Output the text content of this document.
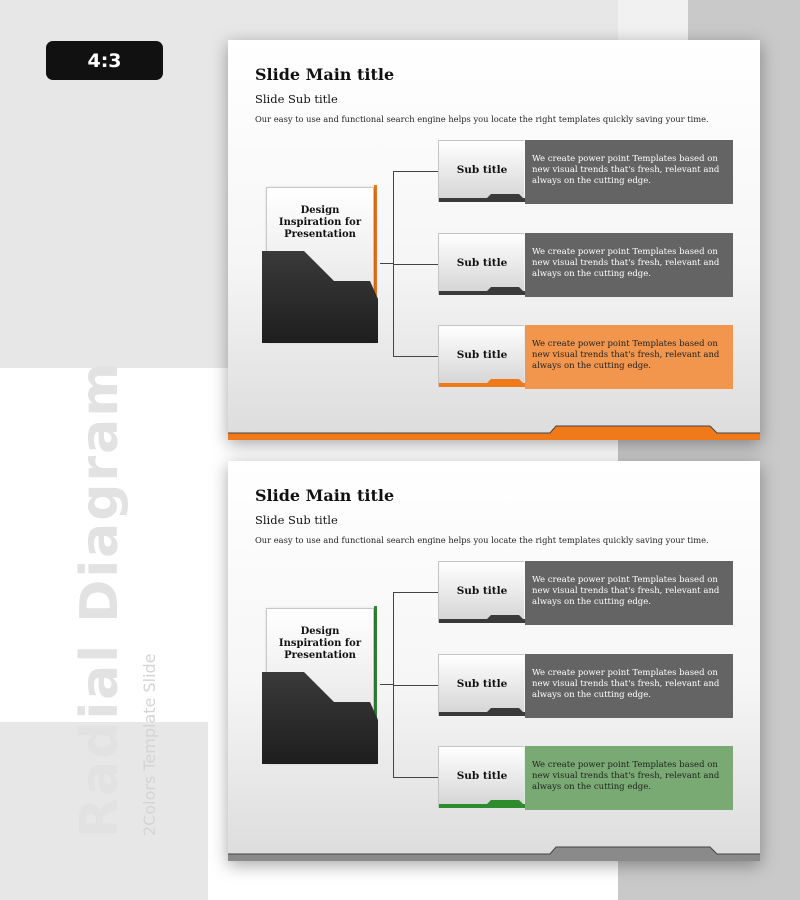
4:3
Radial Diagram 2Colors Template Slide
Slide Main title
Slide Sub title
Our easy to use and functional search engine helps you locate the right templates quickly saving your time.
Design Inspiration for Presentation
Sub title
We create power point Templates based on new visual trends that's fresh, relevant and always on the cutting edge.
Sub title
We create power point Templates based on new visual trends that's fresh, relevant and always on the cutting edge.
Sub title
We create power point Templates based on new visual trends that's fresh, relevant and always on the cutting edge.
Slide Main title
Slide Sub title
Our easy to use and functional search engine helps you locate the right templates quickly saving your time.
Design Inspiration for Presentation
Sub title
We create power point Templates based on new visual trends that's fresh, relevant and always on the cutting edge.
Sub title
We create power point Templates based on new visual trends that's fresh, relevant and always on the cutting edge.
Sub title
We create power point Templates based on new visual trends that's fresh, relevant and always on the cutting edge.
